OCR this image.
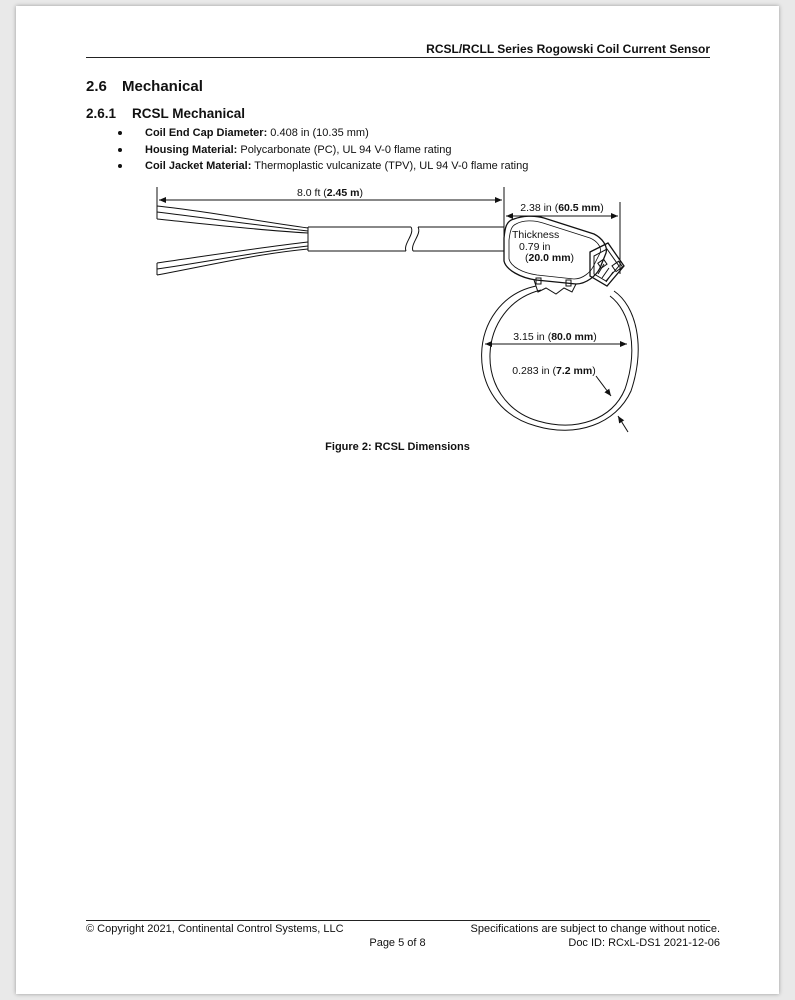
RCSL/RCLL Series Rogowski Coil Current Sensor
2.6 Mechanical
2.6.1 RCSL Mechanical
Coil End Cap Diameter: 0.408 in (10.35 mm)
Housing Material: Polycarbonate (PC), UL 94 V-0 flame rating
Coil Jacket Material: Thermoplastic vulcanizate (TPV), UL 94 V-0 flame rating
8.0 ft (2.45 m)
2.38 in (60.5 mm)
Thickness
0.79 in
(20.0 mm)
3.15 in (80.0 mm)
0.283 in (7.2 mm)
Figure 2: RCSL Dimensions
© Copyright 2021, Continental Control Systems, LLC	Specifications are subject to change without notice.
Page 5 of 8	Doc ID: RCxL-DS1 2021-12-06
